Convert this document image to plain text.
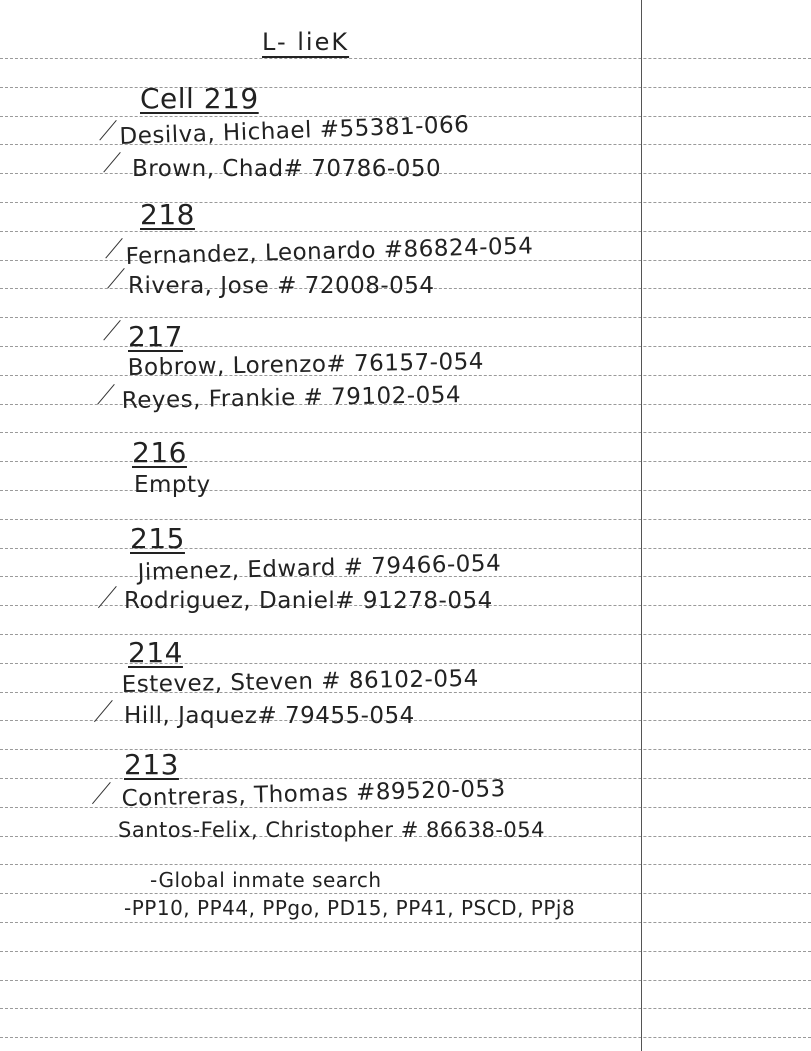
L- lieK
Cell 219
Desilva, Hichael #55381-066
Brown, Chad# 70786-050
218
Fernandez, Leonardo #86824-054
Rivera, Jose # 72008-054
217
Bobrow, Lorenzo# 76157-054
Reyes, Frankie # 79102-054
216
Empty
215
Jimenez, Edward # 79466-054
Rodriguez, Daniel# 91278-054
214
Estevez, Steven # 86102-054
Hill, Jaquez# 79455-054
213
Contreras, Thomas #89520-053
Santos-Felix, Christopher # 86638-054
-Global inmate search
-PP10, PP44, PPgo, PD15, PP41, PSCD, PPj8
